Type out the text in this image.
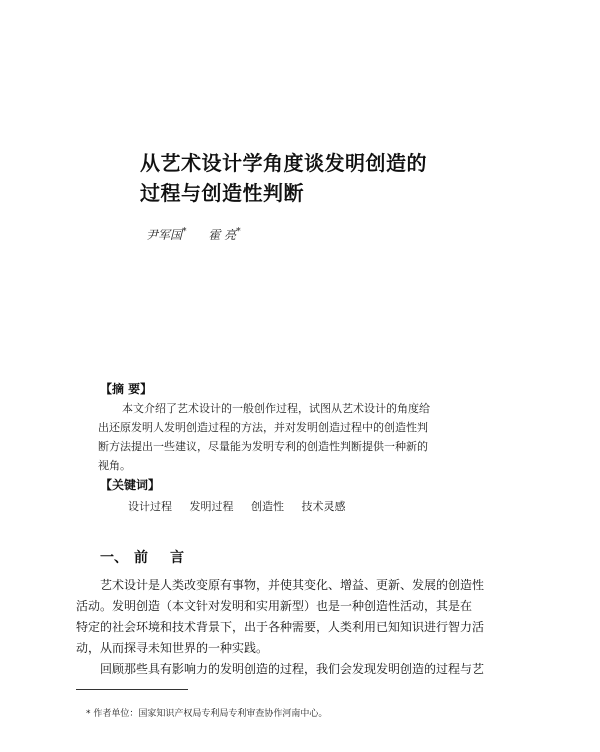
从艺术设计学角度谈发明创造的
过程与创造性判断
尹军国* 霍 亮*
【摘 要】
本文介绍了艺术设计的一般创作过程，试图从艺术设计的角度给
出还原发明人发明创造过程的方法，并对发明创造过程中的创造性判
断方法提出一些建议，尽量能为发明专利的创造性判断提供一种新的
视角。
【关键词】
设计过程 发明过程 创造性 技术灵感
一、 前言
艺术设计是人类改变原有事物，并使其变化、增益、更新、发展的创造性
活动。发明创造（本文针对发明和实用新型）也是一种创造性活动，其是在
特定的社会环境和技术背景下，出于各种需要，人类利用已知知识进行智力活
动，从而探寻未知世界的一种实践。
回顾那些具有影响力的发明创造的过程，我们会发现发明创造的过程与艺
* 作者单位：国家知识产权局专利局专利审查协作河南中心。
